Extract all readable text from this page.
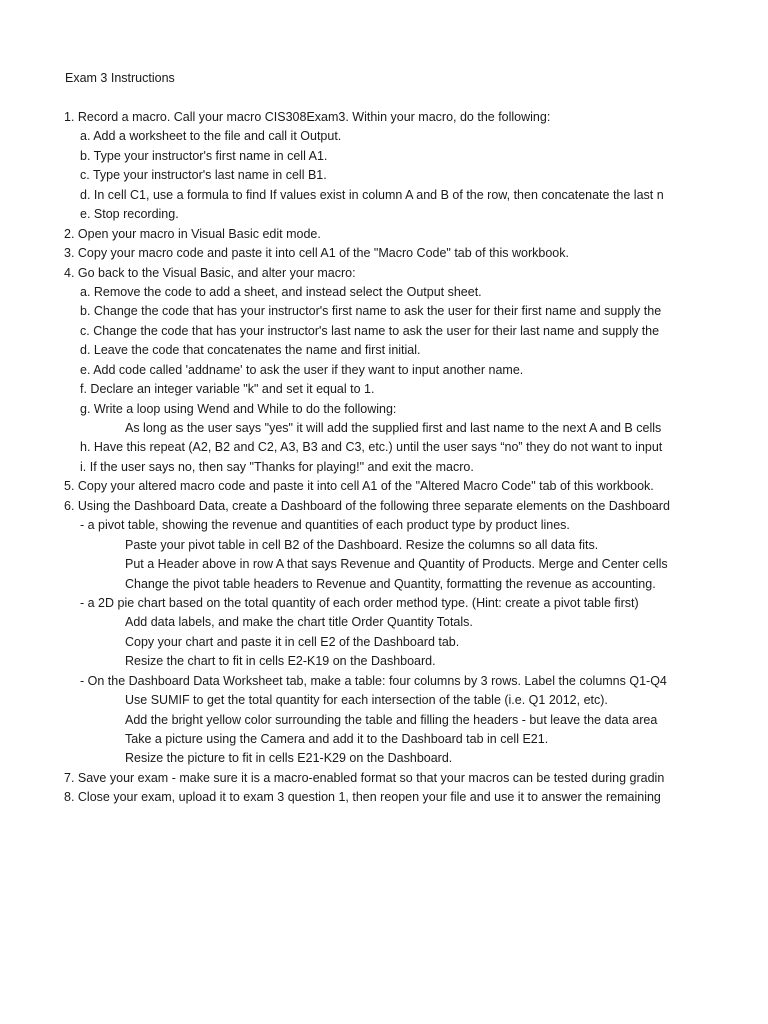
Exam 3 Instructions
1. Record a macro. Call your macro CIS308Exam3. Within your macro, do the following:
a. Add a worksheet to the file and call it Output.
b. Type your instructor's first name in cell A1.
c. Type your instructor's last name in cell B1.
d. In cell C1, use a formula to find If values exist in column A and B of the row, then concatenate the last n
e. Stop recording.
2. Open your macro in Visual Basic edit mode.
3. Copy your macro code and paste it into cell A1 of the "Macro Code" tab of this workbook.
4. Go back to the Visual Basic, and alter your macro:
a. Remove the code to add a sheet, and instead select the Output sheet.
b. Change the code that has your instructor's first name to ask the user for their first name and supply the
c. Change the code that has your instructor's last name to ask the user for their last name and supply the
d. Leave the code that concatenates the name and first initial.
e. Add code called 'addname' to ask the user if they want to input another name.
f. Declare an integer variable "k" and set it equal to 1.
g. Write a loop using Wend and While to do the following:
As long as the user says "yes" it will add the supplied first and last name to the next A and B cells
h. Have this repeat (A2, B2 and C2, A3, B3 and C3, etc.) until the user says “no” they do not want to input
i. If the user says no, then say "Thanks for playing!" and exit the macro.
5. Copy your altered macro code and paste it into cell A1 of the "Altered Macro Code" tab of this workbook.
6. Using the Dashboard Data, create a Dashboard of the following three separate elements on the Dashboard
- a pivot table, showing the revenue and quantities of each product type by product lines.
Paste your pivot table in cell B2 of the Dashboard. Resize the columns so all data fits.
Put a Header above in row A that says Revenue and Quantity of Products. Merge and Center cells
Change the pivot table headers to Revenue and Quantity, formatting the revenue as accounting.
- a 2D pie chart based on the total quantity of each order method type. (Hint: create a pivot table first)
Add data labels, and make the chart title Order Quantity Totals.
Copy your chart and paste it in cell E2 of the Dashboard tab.
Resize the chart to fit in cells E2-K19 on the Dashboard.
- On the Dashboard Data Worksheet tab, make a table: four columns by 3 rows. Label the columns Q1-Q4
Use SUMIF to get the total quantity for each intersection of the table (i.e. Q1 2012, etc).
Add the bright yellow color surrounding the table and filling the headers - but leave the data area
Take a picture using the Camera and add it to the Dashboard tab in cell E21.
Resize the picture to fit in cells E21-K29 on the Dashboard.
7. Save your exam - make sure it is a macro-enabled format so that your macros can be tested during gradin
8. Close your exam, upload it to exam 3 question 1, then reopen your file and use it to answer the remaining
